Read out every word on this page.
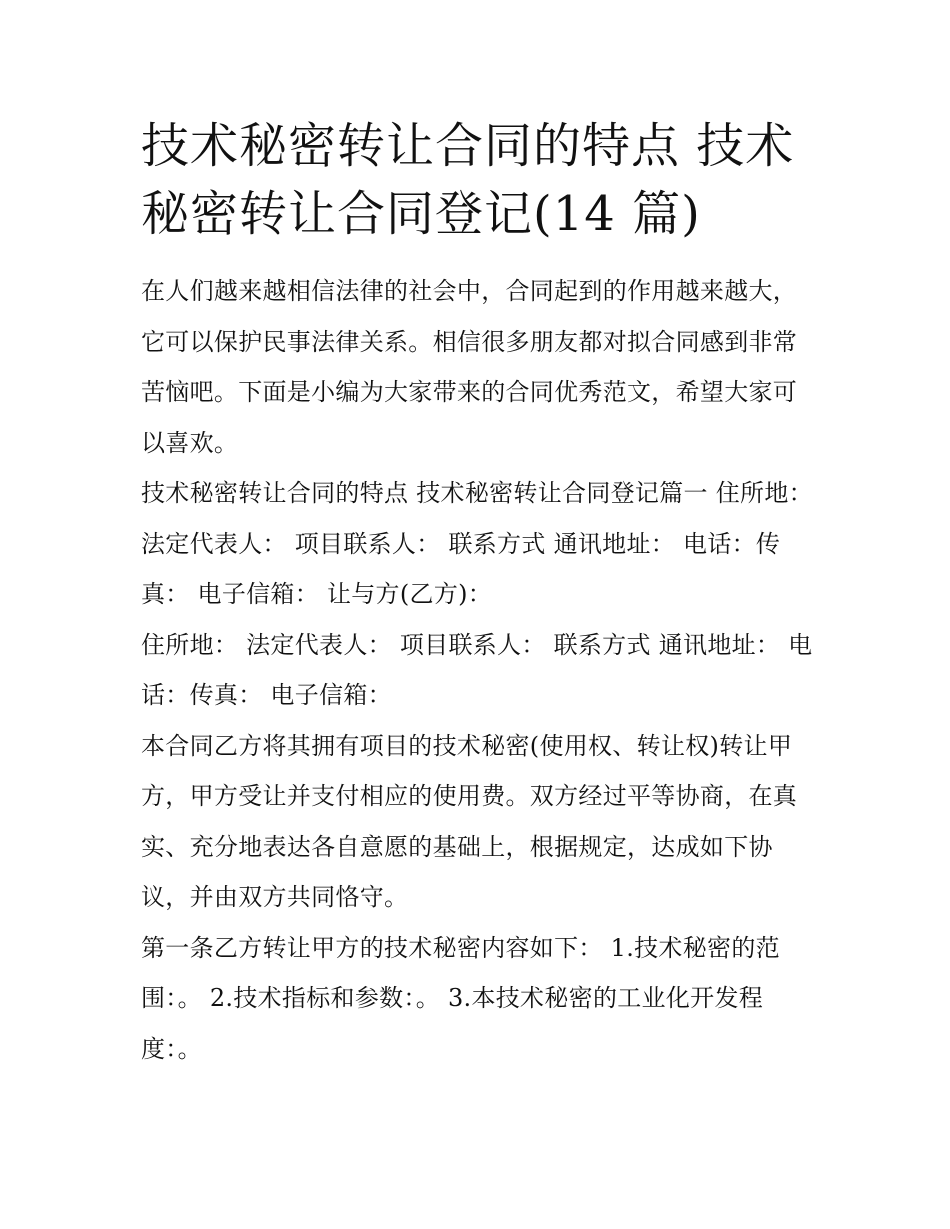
技术秘密转让合同的特点 技术秘密转让合同登记(14 篇)

在人们越来越相信法律的社会中，合同起到的作用越来越大，它可以保护民事法律关系。相信很多朋友都对拟合同感到非常苦恼吧。下面是小编为大家带来的合同优秀范文，希望大家可以喜欢。

技术秘密转让合同的特点 技术秘密转让合同登记篇一 住所地： 法定代表人： 项目联系人： 联系方式 通讯地址： 电话：传真： 电子信箱： 让与方(乙方)：

住所地： 法定代表人： 项目联系人： 联系方式 通讯地址： 电话：传真： 电子信箱：

本合同乙方将其拥有项目的技术秘密(使用权、转让权)转让甲方，甲方受让并支付相应的使用费。双方经过平等协商，在真实、充分地表达各自意愿的基础上，根据规定，达成如下协议，并由双方共同恪守。

第一条乙方转让甲方的技术秘密内容如下： 1.技术秘密的范围：。 2.技术指标和参数：。 3.本技术秘密的工业化开发程度：。
